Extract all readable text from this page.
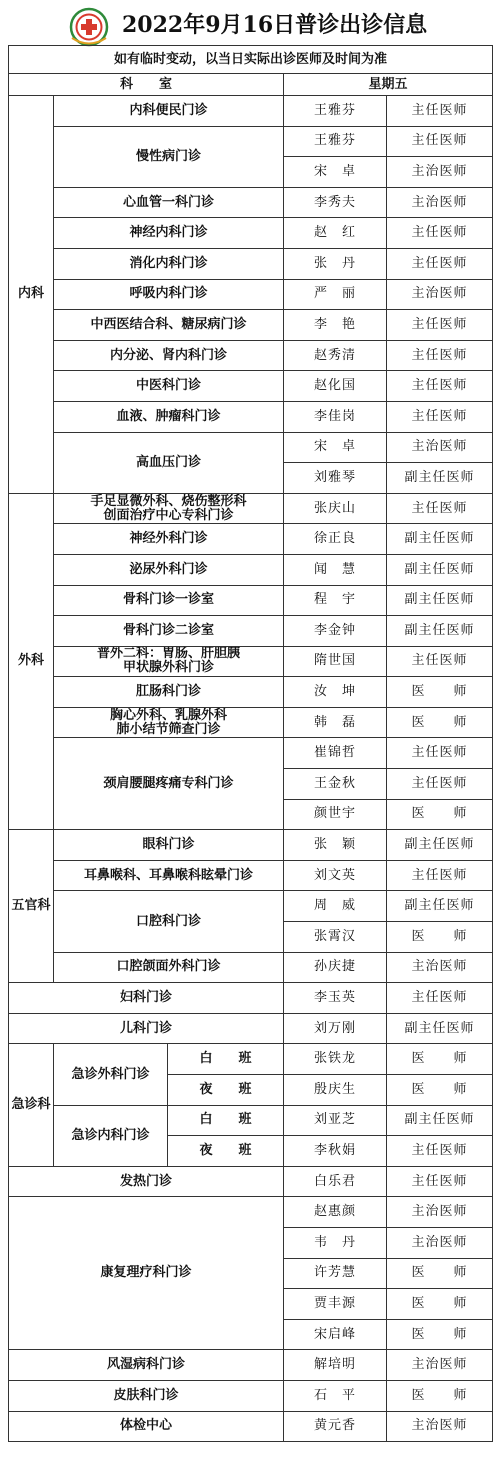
2022年9月16日普诊出诊信息
如有临时变动，以当日实际出诊医师及时间为准				
科　　室			星期五	
内科	内科便民门诊		王雅芬	主任医师
	慢性病门诊		王雅芬	主任医师
			宋　卓	主治医师
	心血管一科门诊		李秀夫	主治医师
	神经内科门诊		赵　红	主任医师
	消化内科门诊		张　丹	主任医师
	呼吸内科门诊		严　丽	主治医师
	中西医结合科、糖尿病门诊		李　艳	主任医师
	内分泌、肾内科门诊		赵秀清	主任医师
	中医科门诊		赵化国	主任医师
	血液、肿瘤科门诊		李佳岗	主任医师
	高血压门诊		宋　卓	主治医师
			刘雅琴	副主任医师
外科	手足显微外科、烧伤整形科
创面治疗中心专科门诊		张庆山	主任医师
	神经外科门诊		徐正良	副主任医师
	泌尿外科门诊		闻　慧	副主任医师
	骨科门诊一诊室		程　宇	副主任医师
	骨科门诊二诊室		李金钟	副主任医师
	普外二科：胃肠、肝胆胰
甲状腺外科门诊		隋世国	主任医师
	肛肠科门诊		汝　坤	医　　师
	胸心外科、乳腺外科
肺小结节筛查门诊		韩　磊	医　　师
	颈肩腰腿疼痛专科门诊		崔锦哲	主任医师
			王金秋	主任医师
			颜世宇	医　　师
五官科	眼科门诊		张　颖	副主任医师
	耳鼻喉科、耳鼻喉科眩晕门诊		刘文英	主任医师
	口腔科门诊		周　威	副主任医师
			张霄汉	医　　师
	口腔颌面外科门诊		孙庆捷	主治医师
妇科门诊			李玉英	主任医师
儿科门诊			刘万刚	副主任医师
急诊科	急诊外科门诊	白　　班	张铁龙	医　　师
		夜　　班	殷庆生	医　　师
	急诊内科门诊	白　　班	刘亚芝	副主任医师
		夜　　班	李秋娟	主任医师
发热门诊			白乐君	主任医师
康复理疗科门诊			赵惠颜	主治医师
			韦　丹	主治医师
			许芳慧	医　　师
			贾丰源	医　　师
			宋启峰	医　　师
风湿病科门诊			解培明	主治医师
皮肤科门诊			石　平	医　　师
体检中心			黄元香	主治医师
